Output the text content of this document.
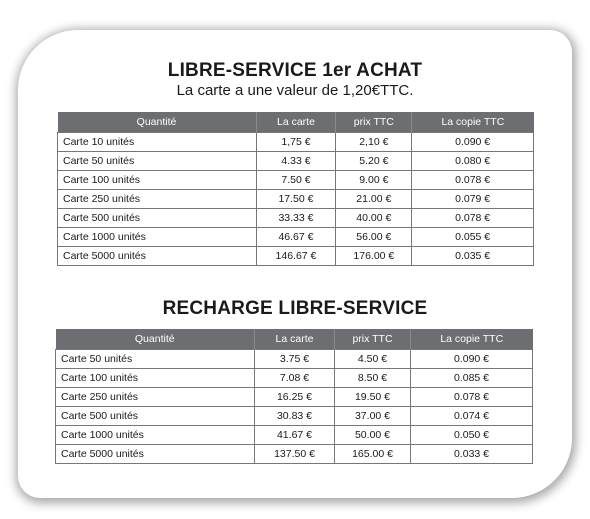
LIBRE-SERVICE 1er ACHAT
La carte a une valeur de 1,20€TTC.
Quantité	La carte	prix TTC	La copie TTC
Carte 10 unités	1,75 €	2,10 €	0.090 €
Carte 50 unités	4.33 €	5.20 €	0.080 €
Carte 100 unités	7.50 €	9.00 €	0.078 €
Carte 250 unités	17.50 €	21.00 €	0.079 €
Carte 500 unités	33.33 €	40.00 €	0.078 €
Carte 1000 unités	46.67 €	56.00 €	0.055 €
Carte 5000 unités	146.67 €	176.00 €	0.035 €
RECHARGE LIBRE-SERVICE
Quantité	La carte	prix TTC	La copie TTC
Carte 50 unités	3.75 €	4.50 €	0.090 €
Carte 100 unités	7.08 €	8.50 €	0.085 €
Carte 250 unités	16.25 €	19.50 €	0.078 €
Carte 500 unités	30.83 €	37.00 €	0.074 €
Carte 1000 unités	41.67 €	50.00 €	0.050 €
Carte 5000 unités	137.50 €	165.00 €	0.033 €
